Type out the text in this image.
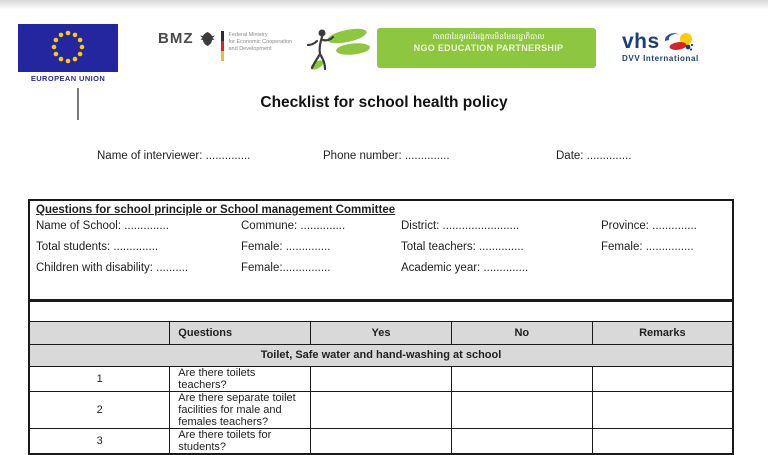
EUROPEAN UNION
BMZ	Federal Ministry
for Economic Cooperation
and Development
ភាពជាដៃគូអប់រំអង្គការមិនមែនរដ្ឋាភិបាល
NGO EDUCATION PARTNERSHIP	vhs
DVV International
Checklist for school health policy
Name of interviewer: ..............	Phone number: ..............	Date: ..............
Questions for school principle or School management Committee
Name of School: ..............	Commune: ..............	District: ........................	Province: ..............
Total students: ..............	Female: ..............	Total teachers: ..............	Female: ...............
Children with disability: ..........	Female:...............	Academic year: ..............

	Questions	Yes	No	Remarks
Toilet, Safe water and hand-washing at school				
1	Are there toilets teachers?			
2	Are there separate toilet facilities for male and females teachers?			
3	Are there toilets for students?			
